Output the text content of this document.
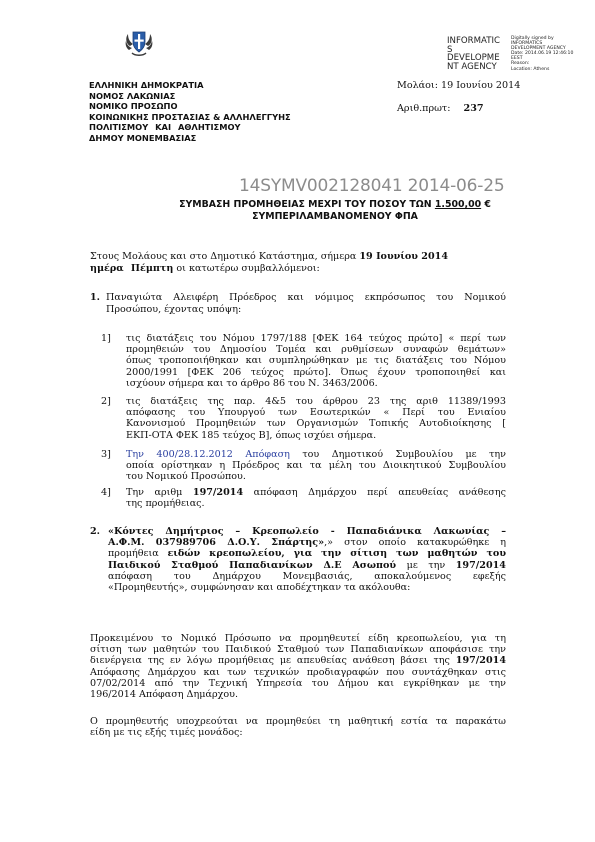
INFORMATIC
S
DEVELOPME
NT AGENCY
Digitally signed by
INFORMATICS
DEVELOPMENT AGENCY
Date: 2014.06.19 12:46:10
EEST
Reason:
Location: Athens
ΕΛΛΗΝΙΚΗ ΔΗΜΟΚΡΑΤΙΑ
ΝΟΜΟΣ ΛΑΚΩΝΙΑΣ
ΝΟΜΙΚΟ ΠΡΟΣΩΠΟ
ΚΟΙΝΩΝΙΚΗΣ ΠΡΟΣΤΑΣΙΑΣ & ΑΛΛΗΛΕΓΓΥΗΣ
ΠΟΛΙΤΙΣΜΟΥ ΚΑΙ ΑΘΛΗΤΙΣΜΟΥ
ΔΗΜΟΥ ΜΟΝΕΜΒΑΣΙΑΣ
Μολάοι: 19 Ιουνίου 2014
Αριθ.πρωτ: 237
14SYMV002128041 2014-06-25
ΣΥΜΒΑΣΗ ΠΡΟΜΗΘΕΙΑΣ ΜΕΧΡΙ ΤΟΥ ΠΟΣΟΥ ΤΩΝ 1.500,00 €
ΣΥΜΠΕΡΙΛΑΜΒΑΝΟΜΕΝΟΥ ΦΠΑ
Στους Μολάους και στο Δημοτικό Κατάστημα, σήμερα 19 Ιουνίου 2014
ημέρα Πέμπτη οι κατωτέρω συμβαλλόμενοι:
1. Παναγιώτα Αλειφέρη Πρόεδρος και νόμιμος εκπρόσωπος του Νομικού
Προσώπου, έχοντας υπόψη:
1] τις διατάξεις του Νόμου 1797/188 [ΦΕΚ 164 τεύχος πρώτο] « περί των
προμηθειών του Δημοσίου Τομέα και ρυθμίσεων συναφών θεμάτων»
όπως τροποποιήθηκαν και συμπληρώθηκαν με τις διατάξεις του Νόμου
2000/1991 [ΦΕΚ 206 τεύχος πρώτο]. Όπως έχουν τροποποιηθεί και
ισχύουν σήμερα και το άρθρο 86 του Ν. 3463/2006.
2] τις διατάξεις της παρ. 4&5 του άρθρου 23 της αριθ 11389/1993
απόφασης του Υπουργού των Εσωτερικών « Περί του Ενιαίου
Κανονισμού Προμηθειών των Οργανισμών Τοπικής Αυτοδιοίκησης [
ΕΚΠ-ΟΤΑ ΦΕΚ 185 τεύχος Β], όπως ισχύει σήμερα.
3] Την 400/28.12.2012 Απόφαση του Δημοτικού Συμβουλίου με την
οποία ορίστηκαν η Πρόεδρος και τα μέλη του Διοικητικού Συμβουλίου
του Νομικού Προσώπου.
4] Την αριθμ 197/2014 απόφαση Δημάρχου περί απευθείας ανάθεσης
της προμήθειας.
2. «Κόντες Δημήτριος – Κρεοπωλείο - Παπαδιάνικα Λακωνίας –
Α.Φ.Μ. 037989706 Δ.Ο.Υ. Σπάρτης»,» στον οποίο κατακυρώθηκε η
προμήθεια ειδών κρεοπωλείου, για την σίτιση των μαθητών του
Παιδικού Σταθμού Παπαδιανίκων Δ.Ε Ασωπού με την 197/2014
απόφαση του Δημάρχου Μονεμβασιάς, αποκαλούμενος εφεξής
«Προμηθευτής», συμφώνησαν και αποδέχτηκαν τα ακόλουθα:
Προκειμένου το Νομικό Πρόσωπο να προμηθευτεί είδη κρεοπωλείου, για τη
σίτιση των μαθητών του Παιδικού Σταθμού των Παπαδιανίκων αποφάσισε την
διενέργεια της εν λόγω προμήθειας με απευθείας ανάθεση βάσει της 197/2014
Απόφασης Δημάρχου και των τεχνικών προδιαγραφών που συντάχθηκαν στις
07/02/2014 από την Τεχνική Υπηρεσία του Δήμου και εγκρίθηκαν με την
196/2014 Απόφαση Δημάρχου.
Ο προμηθευτής υποχρεούται να προμηθεύει τη μαθητική εστία τα παρακάτω
είδη με τις εξής τιμές μονάδος:
